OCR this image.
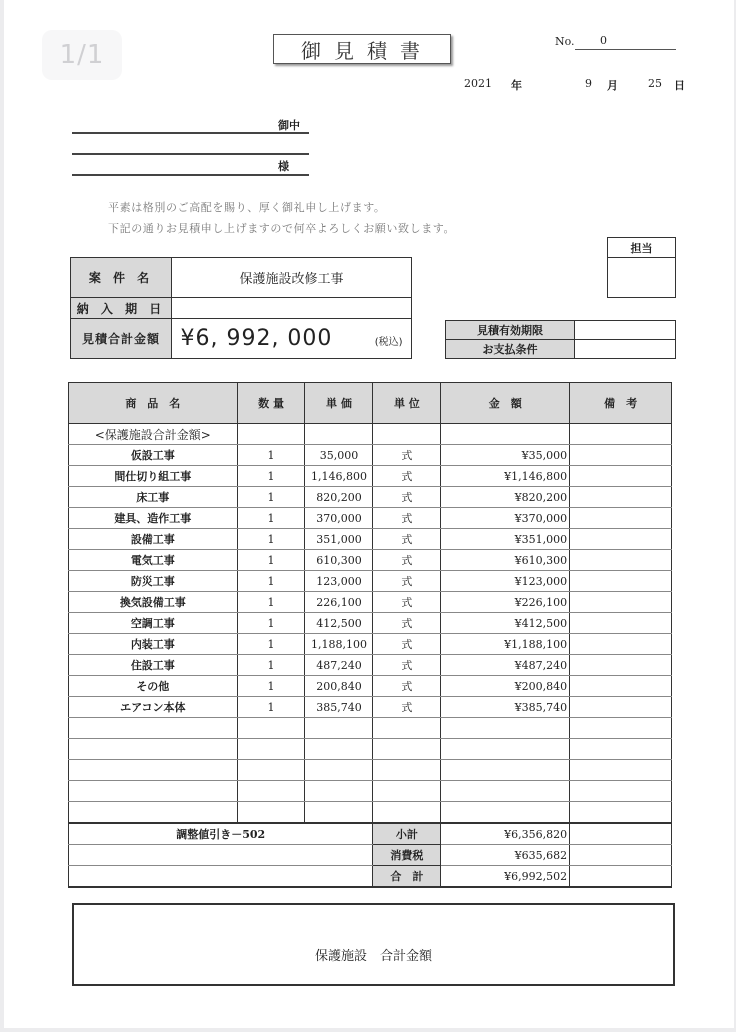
1/1	御見積書	No. 0
2021 年	9 月	25 日
御中
様
平素は格別のご高配を賜り、厚く御礼申し上げます。
下記の通りお見積申し上げますので何卒よろしくお願い致します。
案 件 名	保護施設改修工事
納 入 期 日	
見積合計金額	¥6, 992, 000 (税込)
担当

見積有効期限	
お支払条件	
商　品　名	数 量	単 価	単 位	金　額	備　考
<保護施設合計金額>					
仮設工事	1	35,000	式	¥35,000	
間仕切り組工事	1	1,146,800	式	¥1,146,800	
床工事	1	820,200	式	¥820,200	
建具、造作工事	1	370,000	式	¥370,000	
設備工事	1	351,000	式	¥351,000	
電気工事	1	610,300	式	¥610,300	
防災工事	1	123,000	式	¥123,000	
換気設備工事	1	226,100	式	¥226,100	
空調工事	1	412,500	式	¥412,500	
内装工事	1	1,188,100	式	¥1,188,100	
住設工事	1	487,240	式	¥487,240	
その他	1	200,840	式	¥200,840	
エアコン本体	1	385,740	式	¥385,740	

調整値引き－502			小計	¥6,356,820	
			消費税	¥635,682	
			合　計	¥6,992,502	
保護施設　合計金額
